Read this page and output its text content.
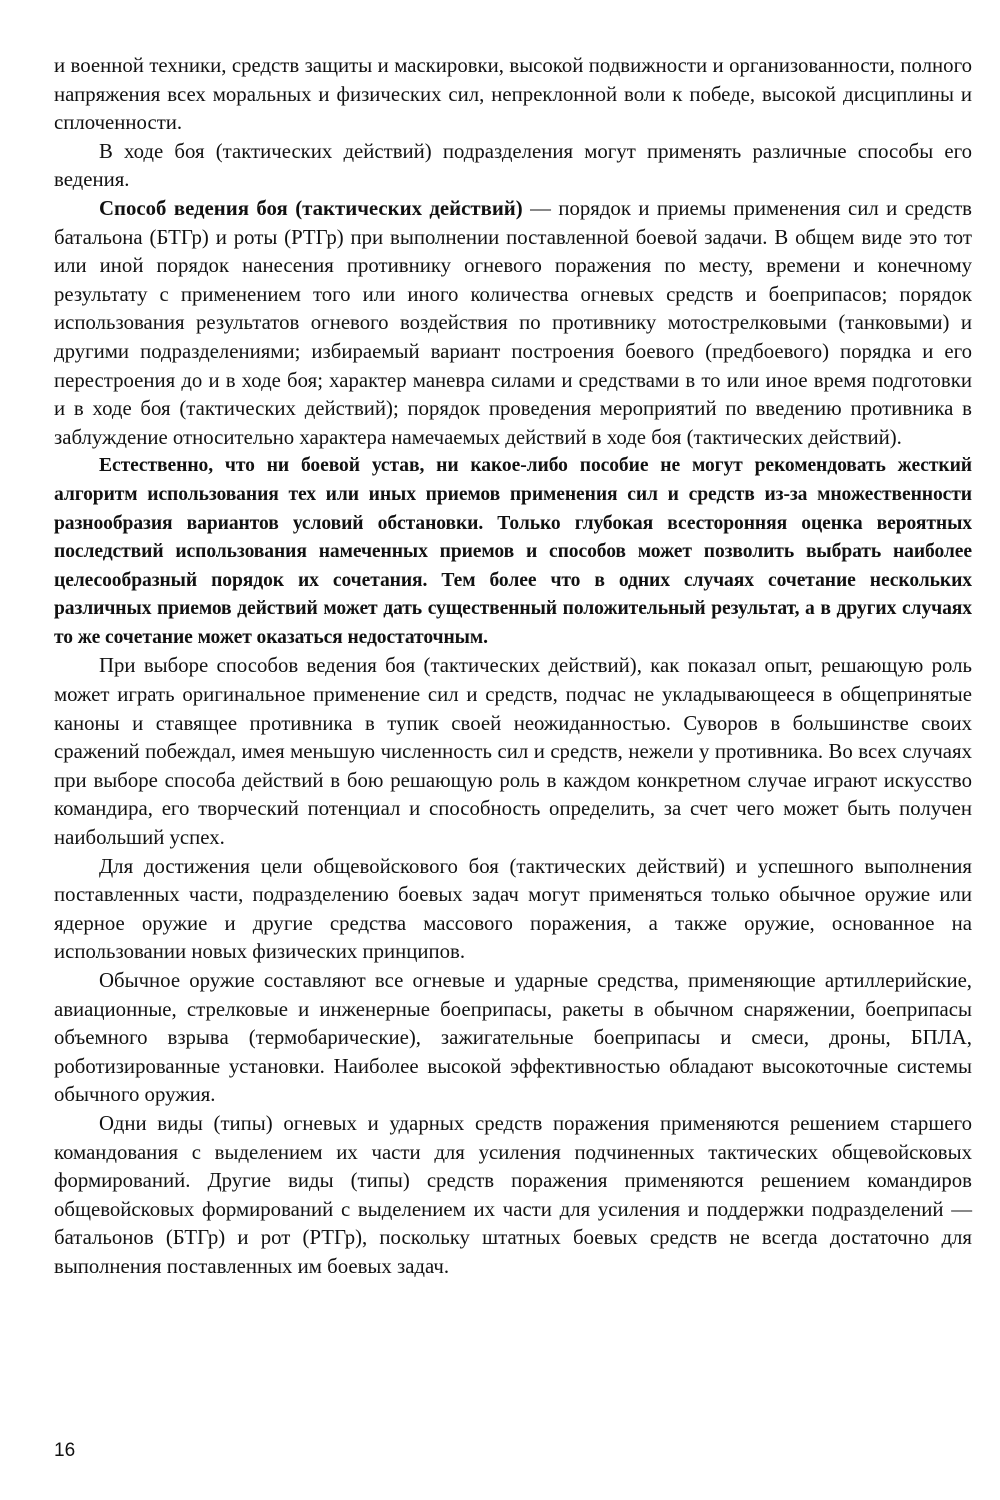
и военной техники, средств защиты и маскировки, высокой подвижности и организованности, полного напряжения всех моральных и физических сил, непреклонной воли к победе, высокой дисциплины и сплоченности.

В ходе боя (тактических действий) подразделения могут применять различные способы его ведения.

Способ ведения боя (тактических действий) — порядок и приемы применения сил и средств батальона (БТГр) и роты (РТГр) при выполнении поставленной боевой задачи. В общем виде это тот или иной порядок нанесения противнику огневого поражения по месту, времени и конечному результату с применением того или иного количества огневых средств и боеприпасов; порядок использования результатов огневого воздействия по противнику мотострелковыми (танковыми) и другими подразделениями; избираемый вариант построения боевого (предбоевого) порядка и его перестроения до и в ходе боя; характер маневра силами и средствами в то или иное время подготовки и в ходе боя (тактических действий); порядок проведения мероприятий по введению противника в заблуждение относительно характера намечаемых действий в ходе боя (тактических действий).

Естественно, что ни боевой устав, ни какое-либо пособие не могут рекомендовать жесткий алгоритм использования тех или иных приемов применения сил и средств из-за множественности разнообразия вариантов условий обстановки. Только глубокая всесторонняя оценка вероятных последствий использования намеченных приемов и способов может позволить выбрать наиболее целесообразный порядок их сочетания. Тем более что в одних случаях сочетание нескольких различных приемов действий может дать существенный положительный результат, а в других случаях то же сочетание может оказаться недостаточным.

При выборе способов ведения боя (тактических действий), как показал опыт, решающую роль может играть оригинальное применение сил и средств, подчас не укладывающееся в общепринятые каноны и ставящее противника в тупик своей неожиданностью. Суворов в большинстве своих сражений побеждал, имея меньшую численность сил и средств, нежели у противника. Во всех случаях при выборе способа действий в бою решающую роль в каждом конкретном случае играют искусство командира, его творческий потенциал и способность определить, за счет чего может быть получен наибольший успех.

Для достижения цели общевойскового боя (тактических действий) и успешного выполнения поставленных части, подразделению боевых задач могут применяться только обычное оружие или ядерное оружие и другие средства массового поражения, а также оружие, основанное на использовании новых физических принципов.

Обычное оружие составляют все огневые и ударные средства, применяющие артиллерийские, авиационные, стрелковые и инженерные боеприпасы, ракеты в обычном снаряжении, боеприпасы объемного взрыва (термобарические), зажигательные боеприпасы и смеси, дроны, БПЛА, роботизированные установки. Наиболее высокой эффективностью обладают высокоточные системы обычного оружия.

Одни виды (типы) огневых и ударных средств поражения применяются решением старшего командования с выделением их части для усиления подчиненных тактических общевойсковых формирований. Другие виды (типы) средств поражения применяются решением командиров общевойсковых формирований с выделением их части для усиления и поддержки подразделений — батальонов (БТГр) и рот (РТГр), поскольку штатных боевых средств не всегда достаточно для выполнения поставленных им боевых задач.

16
